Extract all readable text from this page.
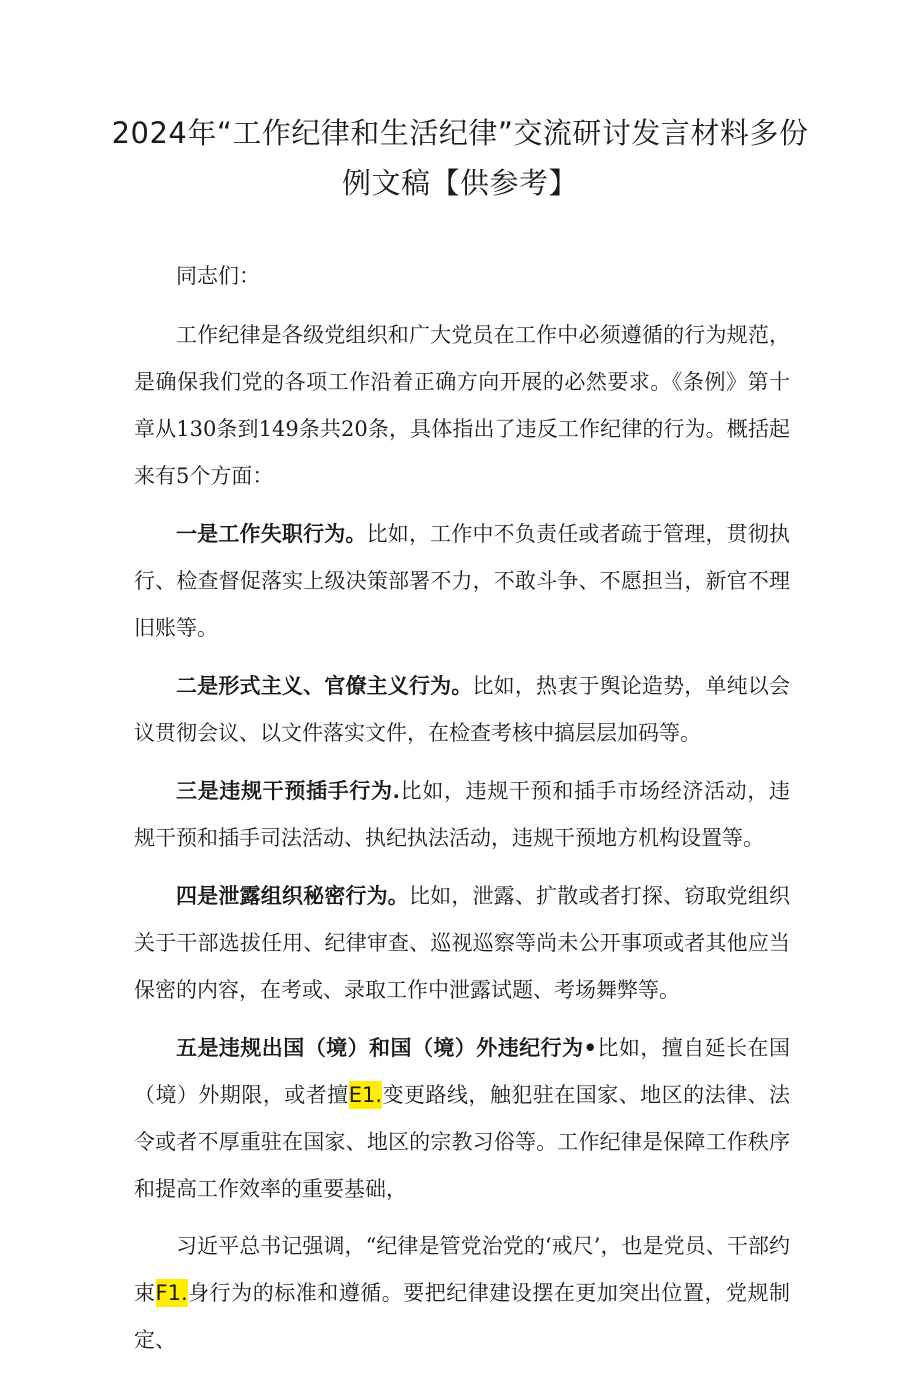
2024年“工作纪律和生活纪律”交流研讨发言材料多份例文稿【供参考】

同志们：

工作纪律是各级党组织和广大党员在工作中必须遵循的行为规范，是确保我们党的各项工作沿着正确方向开展的必然要求。《条例》第十章从130条到149条共20条，具体指出了违反工作纪律的行为。概括起来有5个方面：

一是工作失职行为。比如，工作中不负责任或者疏于管理，贯彻执行、检查督促落实上级决策部署不力，不敢斗争、不愿担当，新官不理旧账等。

二是形式主义、官僚主义行为。比如，热衷于舆论造势，单纯以会议贯彻会议、以文件落实文件，在检查考核中搞层层加码等。

三是违规干预插手行为.比如，违规干预和插手市场经济活动，违规干预和插手司法活动、执纪执法活动，违规干预地方机构设置等。

四是泄露组织秘密行为。比如，泄露、扩散或者打探、窃取党组织关于干部选拔任用、纪律审查、巡视巡察等尚未公开事项或者其他应当保密的内容，在考或、录取工作中泄露试题、考场舞弊等。

五是违规出国（境）和国（境）外违纪行为•比如，擅自延长在国（境）外期限，或者擅E1.变更路线，触犯驻在国家、地区的法律、法令或者不厚重驻在国家、地区的宗教习俗等。工作纪律是保障工作秩序和提高工作效率的重要基础，

习近平总书记强调，“纪律是管党治党的‘戒尺’，也是党员、干部约束F1.身行为的标准和遵循。要把纪律建设摆在更加突出位置，党规制定、
